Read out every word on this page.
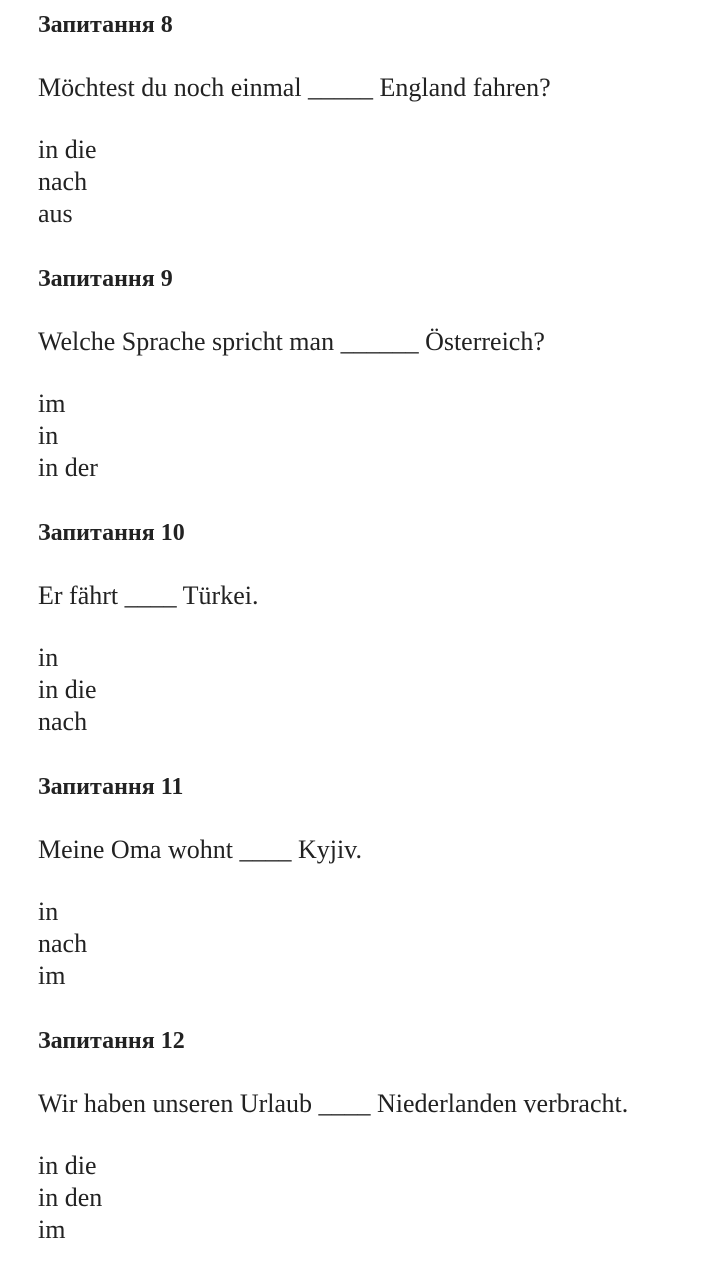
Запитання 8
Möchtest du noch einmal _____ England fahren?
in die
nach
aus
Запитання 9
Welche Sprache spricht man ______ Österreich?
im
in
in der
Запитання 10
Er fährt ____ Türkei.
in
in die
nach
Запитання 11
Meine Oma wohnt ____ Kyjiv.
in
nach
im
Запитання 12
Wir haben unseren Urlaub ____ Niederlanden verbracht.
in die
in den
im
